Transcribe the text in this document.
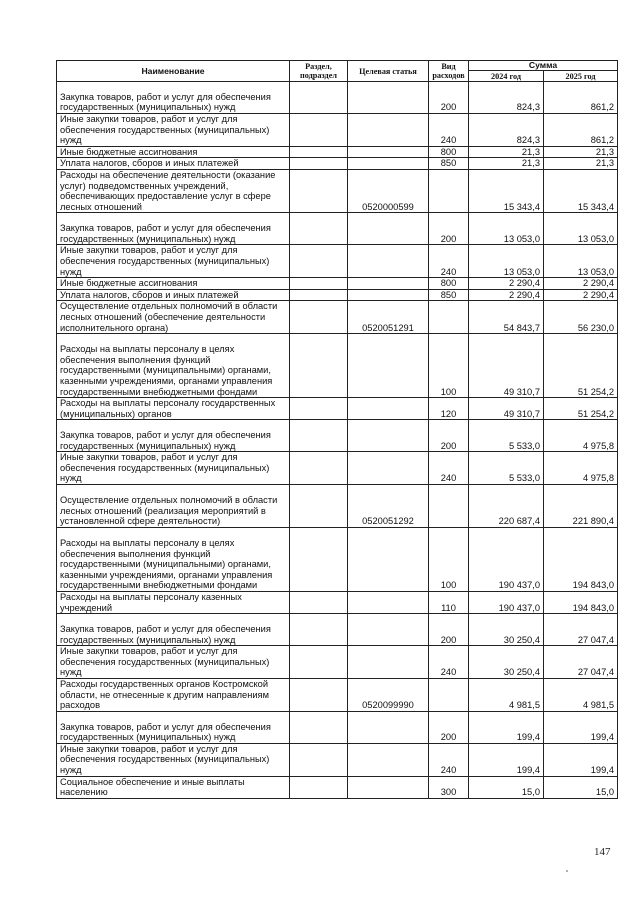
Наименование	Раздел, подраздел	Целевая статья	Вид расходов	Сумма	
				2024 год	2025 год
Закупка товаров, работ и услуг для обеспечения государственных (муниципальных) нужд			200	824,3	861,2
Иные закупки товаров, работ и услуг для обеспечения государственных (муниципальных) нужд			240	824,3	861,2
Иные бюджетные ассигнования			800	21,3	21,3
Уплата налогов, сборов и иных платежей			850	21,3	21,3
Расходы на обеспечение деятельности (оказание услуг) подведомственных учреждений, обеспечивающих предоставление услуг в сфере лесных отношений		0520000599		15 343,4	15 343,4
Закупка товаров, работ и услуг для обеспечения государственных (муниципальных) нужд			200	13 053,0	13 053,0
Иные закупки товаров, работ и услуг для обеспечения государственных (муниципальных) нужд			240	13 053,0	13 053,0
Иные бюджетные ассигнования			800	2 290,4	2 290,4
Уплата налогов, сборов и иных платежей			850	2 290,4	2 290,4
Осуществление отдельных полномочий в области лесных отношений (обеспечение деятельности исполнительного органа)		0520051291		54 843,7	56 230,0
Расходы на выплаты персоналу в целях обеспечения выполнения функций государственными (муниципальными) органами, казенными учреждениями, органами управления государственными внебюджетными фондами			100	49 310,7	51 254,2
Расходы на выплаты персоналу государственных (муниципальных) органов			120	49 310,7	51 254,2
Закупка товаров, работ и услуг для обеспечения государственных (муниципальных) нужд			200	5 533,0	4 975,8
Иные закупки товаров, работ и услуг для обеспечения государственных (муниципальных) нужд			240	5 533,0	4 975,8
Осуществление отдельных полномочий в области лесных отношений (реализация мероприятий в установленной сфере деятельности)		0520051292		220 687,4	221 890,4
Расходы на выплаты персоналу в целях обеспечения выполнения функций государственными (муниципальными) органами, казенными учреждениями, органами управления государственными внебюджетными фондами			100	190 437,0	194 843,0
Расходы на выплаты персоналу казенных учреждений			110	190 437,0	194 843,0
Закупка товаров, работ и услуг для обеспечения государственных (муниципальных) нужд			200	30 250,4	27 047,4
Иные закупки товаров, работ и услуг для обеспечения государственных (муниципальных) нужд			240	30 250,4	27 047,4
Расходы государственных органов Костромской области, не отнесенные к другим направлениям расходов		0520099990		4 981,5	4 981,5
Закупка товаров, работ и услуг для обеспечения государственных (муниципальных) нужд			200	199,4	199,4
Иные закупки товаров, работ и услуг для обеспечения государственных (муниципальных) нужд			240	199,4	199,4
Социальное обеспечение и иные выплаты населению			300	15,0	15,0
147
